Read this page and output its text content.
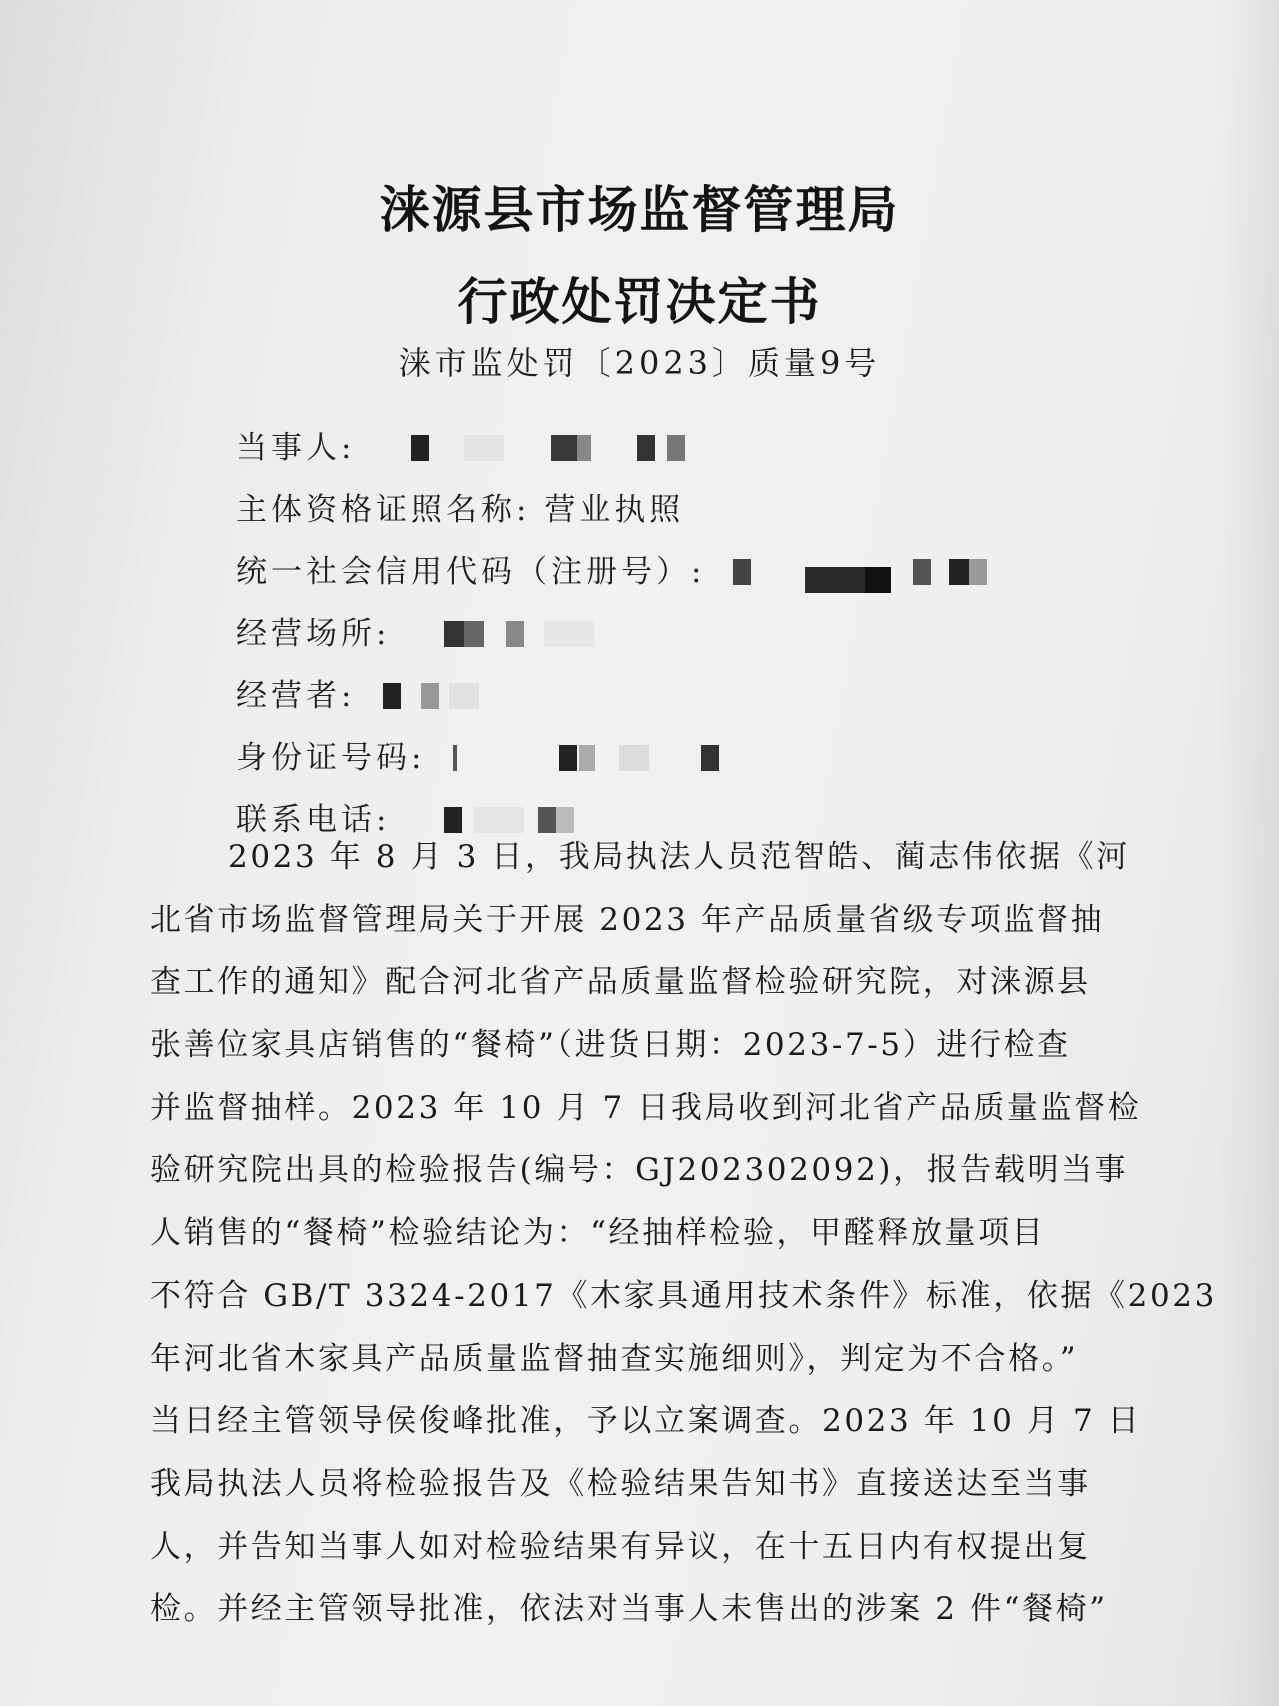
涞源县市场监督管理局
行政处罚决定书
涞市监处罚〔2023〕质量9号
当事人:
主体资格证照名称: 营业执照
统一社会信用代码（注册号）:
经营场所:
经营者:
身份证号码:
联系电话:
2023 年 8 月 3 日，我局执法人员范智皓、蔺志伟依据《河
北省市场监督管理局关于开展 2023 年产品质量省级专项监督抽
查工作的通知》配合河北省产品质量监督检验研究院，对涞源县
张善位家具店销售的“餐椅”（进货日期：2023-7-5）进行检查
并监督抽样。2023 年 10 月 7 日我局收到河北省产品质量监督检
验研究院出具的检验报告(编号：GJ202302092)，报告载明当事
人销售的“餐椅”检验结论为：“经抽样检验，甲醛释放量项目
不符合 GB/T 3324-2017《木家具通用技术条件》标准，依据《2023
年河北省木家具产品质量监督抽查实施细则》，判定为不合格。”
当日经主管领导侯俊峰批准，予以立案调查。2023 年 10 月 7 日
我局执法人员将检验报告及《检验结果告知书》直接送达至当事
人，并告知当事人如对检验结果有异议，在十五日内有权提出复
检。并经主管领导批准，依法对当事人未售出的涉案 2 件“餐椅”
